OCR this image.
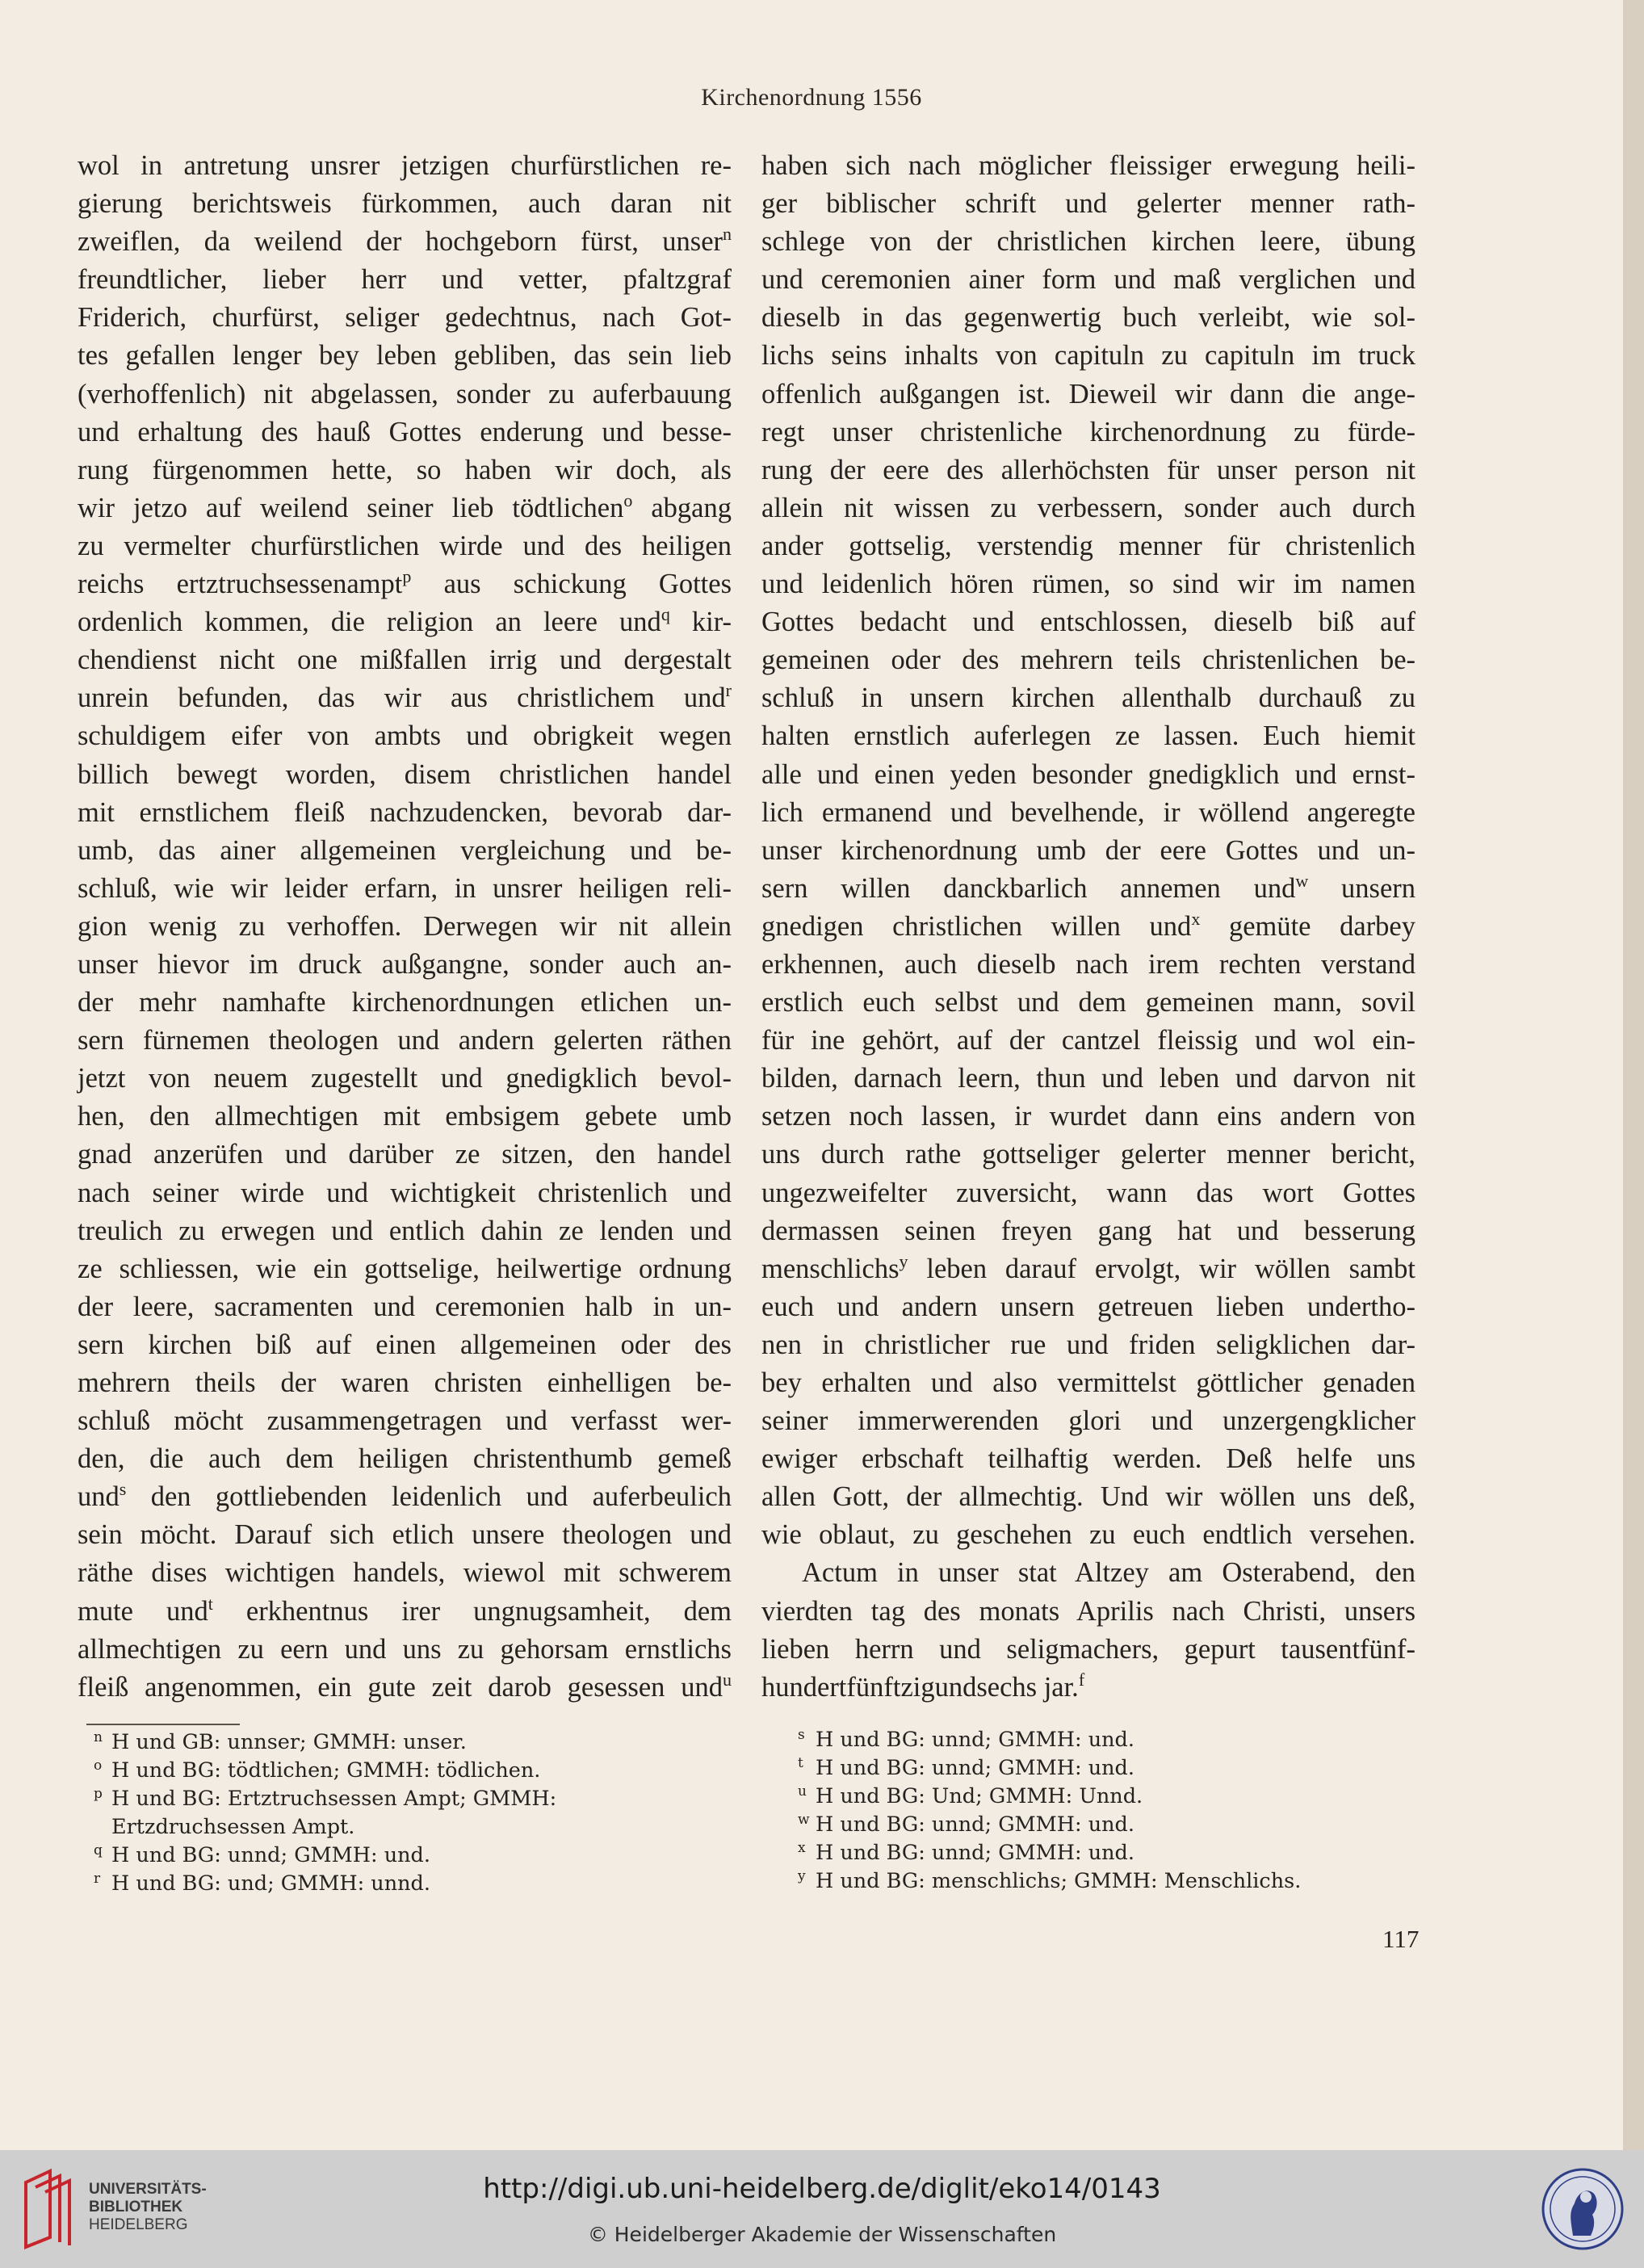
Kirchenordnung 1556
wol in antretung unsrer jetzigen churfürstlichen re-
gierung berichtsweis fürkommen, auch daran nit
zweiflen, da weilend der hochgeborn fürst, unser$^n$
freundtlicher, lieber herr und vetter, pfaltzgraf
Friderich, churfürst, seliger gedechtnus, nach Got-
tes gefallen lenger bey leben gebliben, das sein lieb
(verhoffenlich) nit abgelassen, sonder zu auferbauung
und erhaltung des hauß Gottes enderung und besse-
rung fürgenommen hette, so haben wir doch, als
wir jetzo auf weilend seiner lieb tödtlichen$^o$ abgang
zu vermelter churfürstlichen wirde und des heiligen
reichs ertztruchsessenampt$^p$ aus schickung Gottes
ordenlich kommen, die religion an leere und$^q$ kir-
chendienst nicht one mißfallen irrig und dergestalt
unrein befunden, das wir aus christlichem und$^r$
schuldigem eifer von ambts und obrigkeit wegen
billich bewegt worden, disem christlichen handel
mit ernstlichem fleiß nachzudencken, bevorab dar-
umb, das ainer allgemeinen vergleichung und be-
schluß, wie wir leider erfarn, in unsrer heiligen reli-
gion wenig zu verhoffen. Derwegen wir nit allein
unser hievor im druck außgangne, sonder auch an-
der mehr namhafte kirchenordnungen etlichen un-
sern fürnemen theologen und andern gelerten räthen
jetzt von neuem zugestellt und gnedigklich bevol-
hen, den allmechtigen mit embsigem gebete umb
gnad anzerüfen und darüber ze sitzen, den handel
nach seiner wirde und wichtigkeit christenlich und
treulich zu erwegen und entlich dahin ze lenden und
ze schliessen, wie ein gottselige, heilwertige ordnung
der leere, sacramenten und ceremonien halb in un-
sern kirchen biß auf einen allgemeinen oder des
mehrern theils der waren christen einhelligen be-
schluß möcht zusammengetragen und verfasst wer-
den, die auch dem heiligen christenthumb gemeß
und$^s$ den gottliebenden leidenlich und auferbeulich
sein möcht. Darauf sich etlich unsere theologen und
räthe dises wichtigen handels, wiewol mit schwerem
mute und$^t$ erkhentnus irer ungnugsamheit, dem
allmechtigen zu eern und uns zu gehorsam ernstlichs
fleiß angenommen, ein gute zeit darob gesessen und$^u$
haben sich nach möglicher fleissiger erwegung heili-
ger biblischer schrift und gelerter menner rath-
schlege von der christlichen kirchen leere, übung
und ceremonien ainer form und maß verglichen und
dieselb in das gegenwertig buch verleibt, wie sol-
lichs seins inhalts von capituln zu capituln im truck
offenlich außgangen ist. Dieweil wir dann die ange-
regt unser christenliche kirchenordnung zu fürde-
rung der eere des allerhöchsten für unser person nit
allein nit wissen zu verbessern, sonder auch durch
ander gottselig, verstendig menner für christenlich
und leidenlich hören rümen, so sind wir im namen
Gottes bedacht und entschlossen, dieselb biß auf
gemeinen oder des mehrern teils christenlichen be-
schluß in unsern kirchen allenthalb durchauß zu
halten ernstlich auferlegen ze lassen. Euch hiemit
alle und einen yeden besonder gnedigklich und ernst-
lich ermanend und bevelhende, ir wöllend angeregte
unser kirchenordnung umb der eere Gottes und un-
sern willen danckbarlich annemen und$^w$ unsern
gnedigen christlichen willen und$^x$ gemüte darbey
erkhennen, auch dieselb nach irem rechten verstand
erstlich euch selbst und dem gemeinen mann, sovil
für ine gehört, auf der cantzel fleissig und wol ein-
bilden, darnach leern, thun und leben und darvon nit
setzen noch lassen, ir wurdet dann eins andern von
uns durch rathe gottseliger gelerter menner bericht,
ungezweifelter zuversicht, wann das wort Gottes
dermassen seinen freyen gang hat und besserung
menschlichs$^y$ leben darauf ervolgt, wir wöllen sambt
euch und andern unsern getreuen lieben undertho-
nen in christlicher rue und friden seligklichen dar-
bey erhalten und also vermittelst göttlicher genaden
seiner immerwerenden glori und unzergengklicher
ewiger erbschaft teilhaftig werden. Deß helfe uns
allen Gott, der allmechtig. Und wir wöllen uns deß,
wie oblaut, zu geschehen zu euch endtlich versehen.
Actum in unser stat Altzey am Osterabend, den
vierdten tag des monats Aprilis nach Christi, unsers
lieben herrn und seligmachers, gepurt tausentfünf-
hundertfünftzigundsechs jar.$^f$
n H und GB: unnser; GMMH: unser.
o H und BG: tödtlichen; GMMH: tödlichen.
p H und BG: Ertztruchsessen Ampt; GMMH:
Ertzdruchsessen Ampt.
q H und BG: unnd; GMMH: und.
r H und BG: und; GMMH: unnd.
s H und BG: unnd; GMMH: und.
t H und BG: unnd; GMMH: und.
u H und BG: Und; GMMH: Unnd.
w H und BG: unnd; GMMH: und.
x H und BG: unnd; GMMH: und.
y H und BG: menschlichs; GMMH: Menschlichs.
117
UNIVERSITÄTS-
BIBLIOTHEK
HEIDELBERG
http://digi.ub.uni-heidelberg.de/diglit/eko14/0143
© Heidelberger Akademie der Wissenschaften
